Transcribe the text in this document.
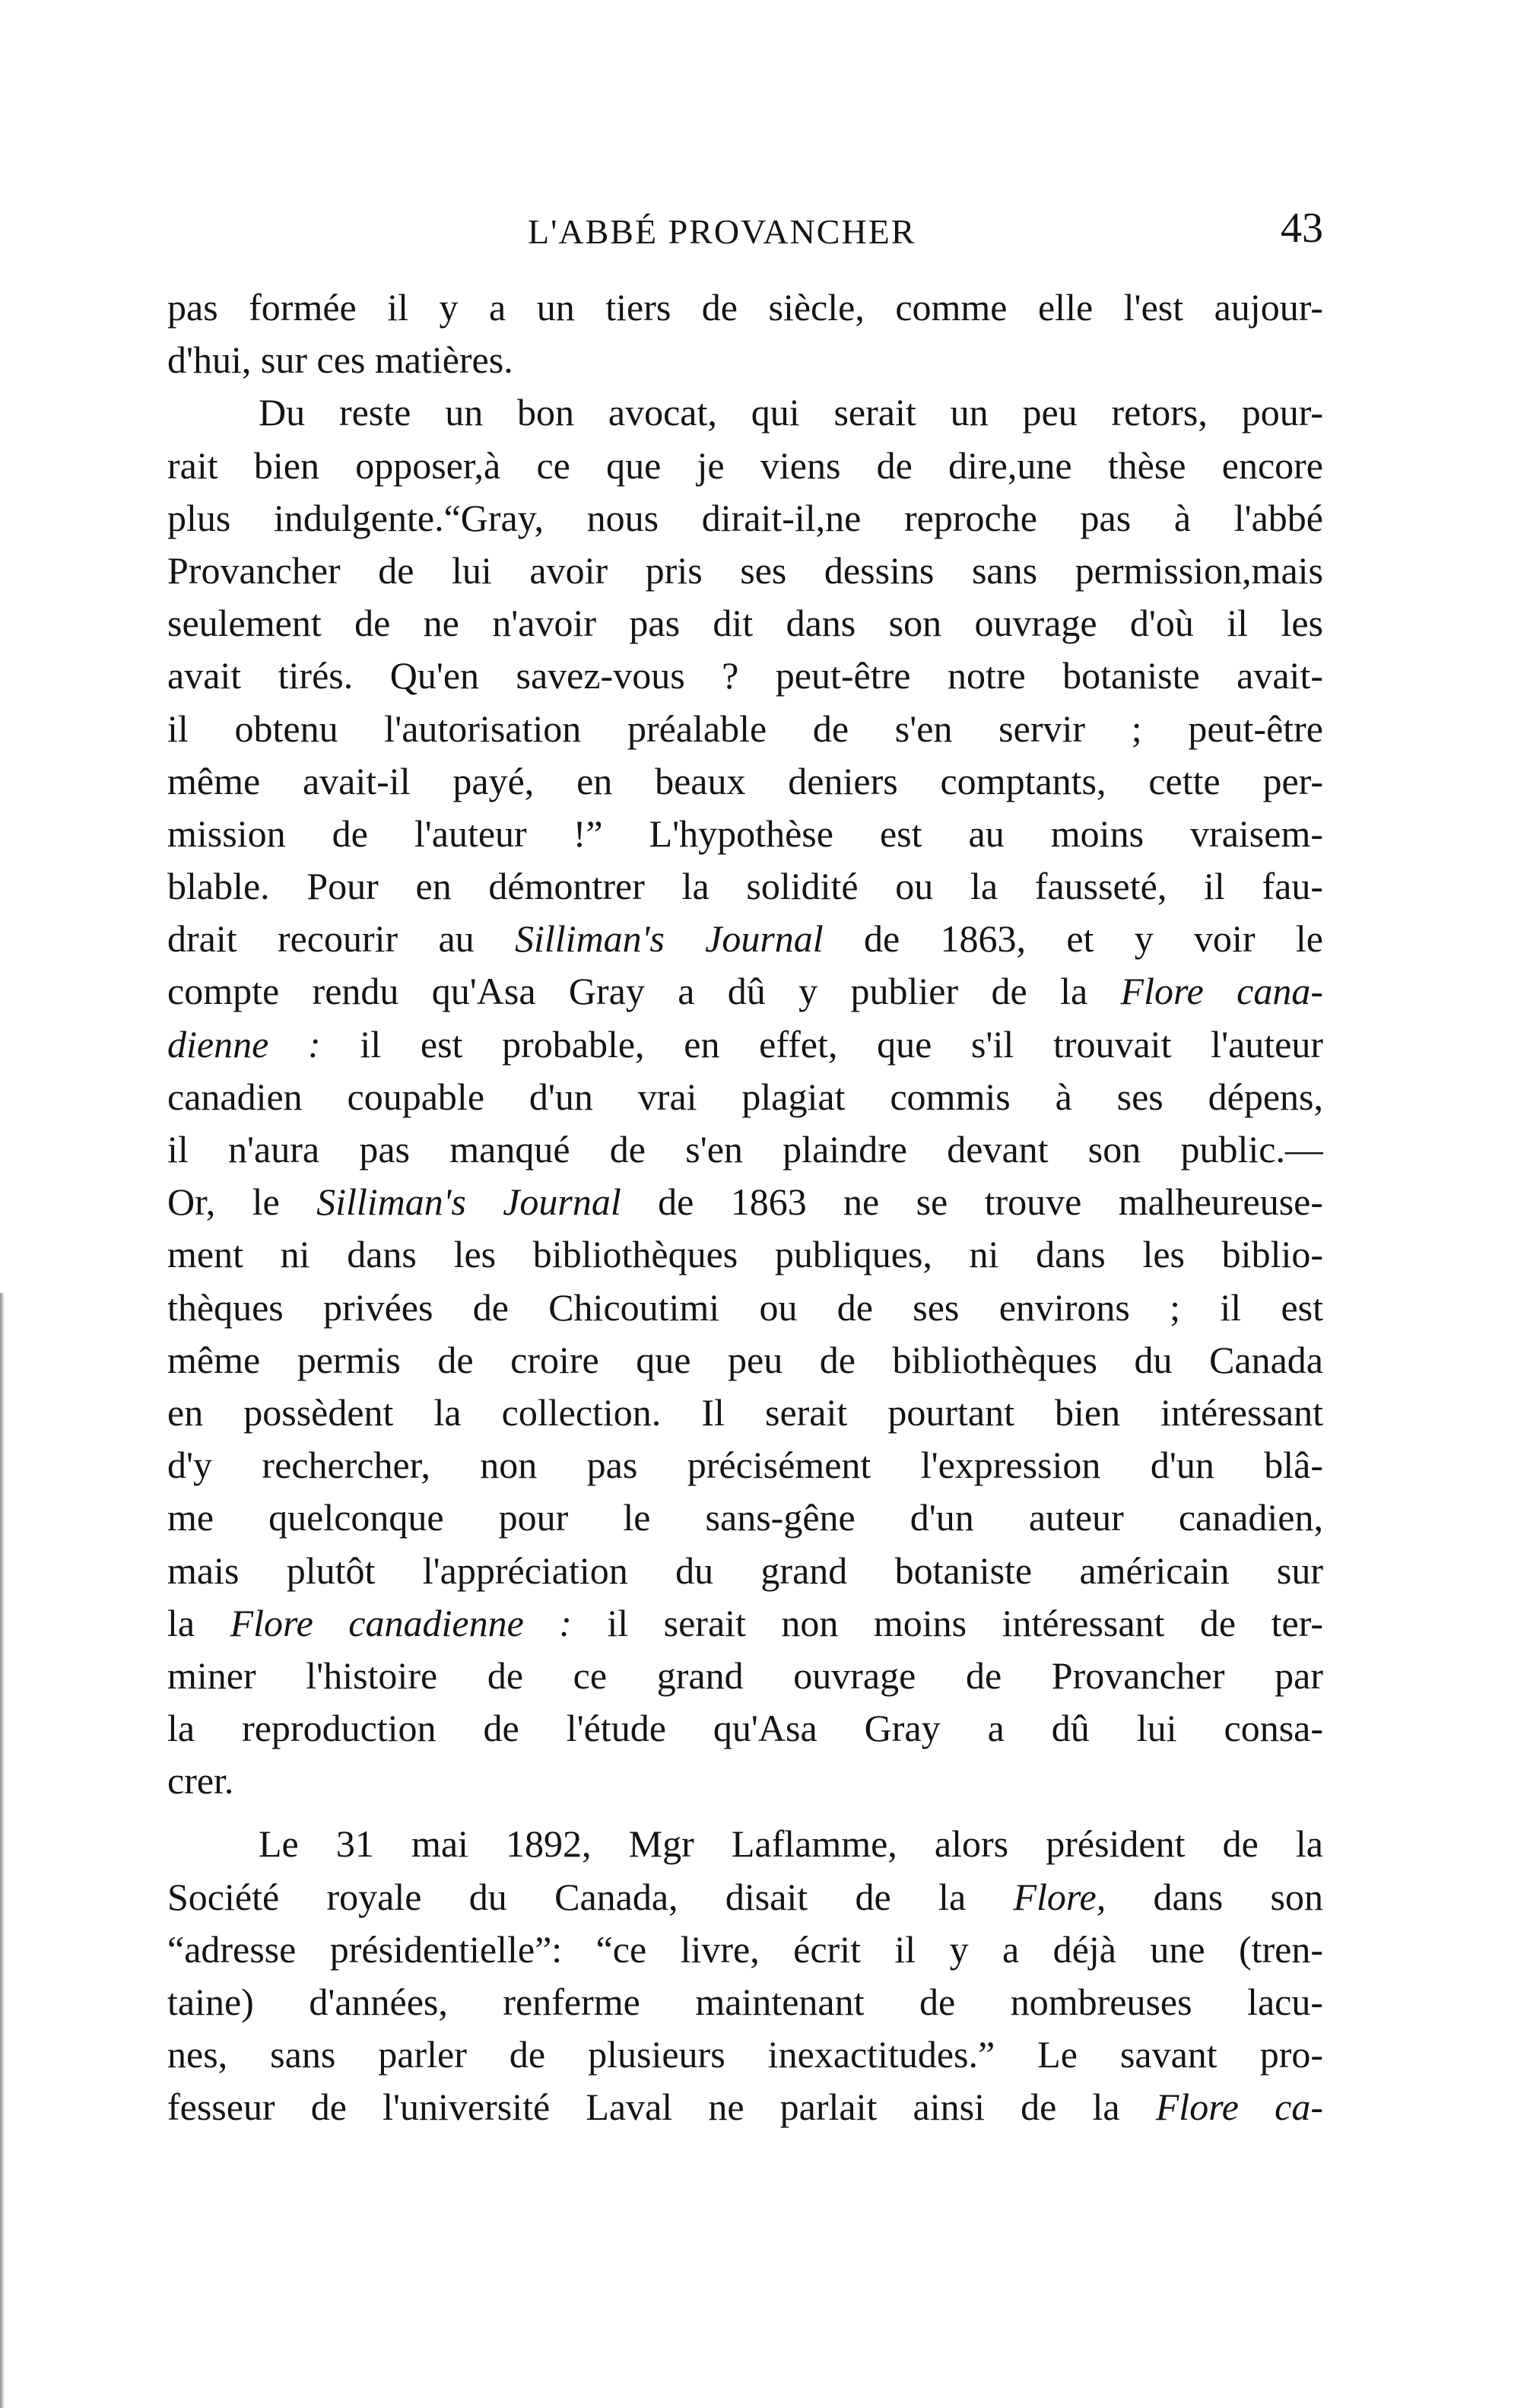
L'ABBÉ PROVANCHER	43
pas formée il y a un tiers de siècle, comme elle l'est aujour-
d'hui, sur ces matières.
Du reste un bon avocat, qui serait un peu retors, pour-
rait bien opposer,à ce que je viens de dire,une thèse encore
plus indulgente.“Gray, nous dirait-il,ne reproche pas à l'abbé
Provancher de lui avoir pris ses dessins sans permission,mais
seulement de ne n'avoir pas dit dans son ouvrage d'où il les
avait tirés. Qu'en savez-vous ? peut-être notre botaniste avait-
il obtenu l'autorisation préalable de s'en servir ; peut-être
même avait-il payé, en beaux deniers comptants, cette per-
mission de l'auteur !” L'hypothèse est au moins vraisem-
blable. Pour en démontrer la solidité ou la fausseté, il fau-
drait recourir au Silliman's Journal de 1863, et y voir le
compte rendu qu'Asa Gray a dû y publier de la Flore cana-
dienne : il est probable, en effet, que s'il trouvait l'auteur
canadien coupable d'un vrai plagiat commis à ses dépens,
il n'aura pas manqué de s'en plaindre devant son public.—
Or, le Silliman's Journal de 1863 ne se trouve malheureuse-
ment ni dans les bibliothèques publiques, ni dans les biblio-
thèques privées de Chicoutimi ou de ses environs ; il est
même permis de croire que peu de bibliothèques du Canada
en possèdent la collection. Il serait pourtant bien intéressant
d'y rechercher, non pas précisément l'expression d'un blâ-
me quelconque pour le sans-gêne d'un auteur canadien,
mais plutôt l'appréciation du grand botaniste américain sur
la Flore canadienne : il serait non moins intéressant de ter-
miner l'histoire de ce grand ouvrage de Provancher par
la reproduction de l'étude qu'Asa Gray a dû lui consa-
crer.
Le 31 mai 1892, Mgr Laflamme, alors président de la
Société royale du Canada, disait de la Flore, dans son
“adresse présidentielle”: “ce livre, écrit il y a déjà une (tren-
taine) d'années, renferme maintenant de nombreuses lacu-
nes, sans parler de plusieurs inexactitudes.” Le savant pro-
fesseur de l'université Laval ne parlait ainsi de la Flore ca-
